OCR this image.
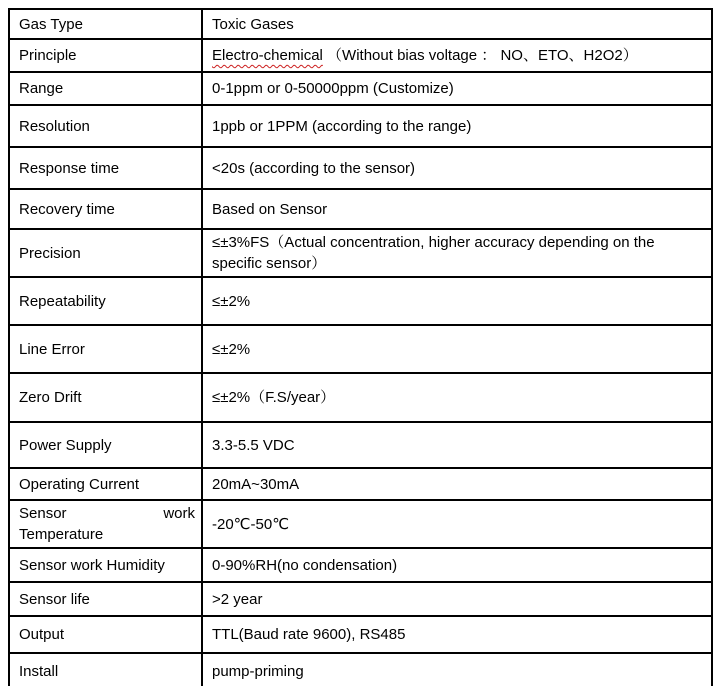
Gas Type	Toxic Gases
Principle	Electro-chemical （Without bias voltage ： NO、ETO、H2O2）
Range	0-1ppm or 0-50000ppm (Customize)
Resolution	1ppb or 1PPM (according to the range)
Response time	<20s (according to the sensor)
Recovery time	Based on Sensor
Precision	≤±3%FS（Actual concentration, higher accuracy depending on the specific sensor）
Repeatability	≤±2%
Line Error	≤±2%
Zero Drift	≤±2%（F.S/year）
Power Supply	3.3-5.5 VDC
Operating Current	20mA~30mA

Sensor work
Temperature	-20℃-50℃
Sensor work Humidity	0-90%RH(no condensation)
Sensor life	>2 year
Output	TTL(Baud rate 9600), RS485
Install	pump-priming
